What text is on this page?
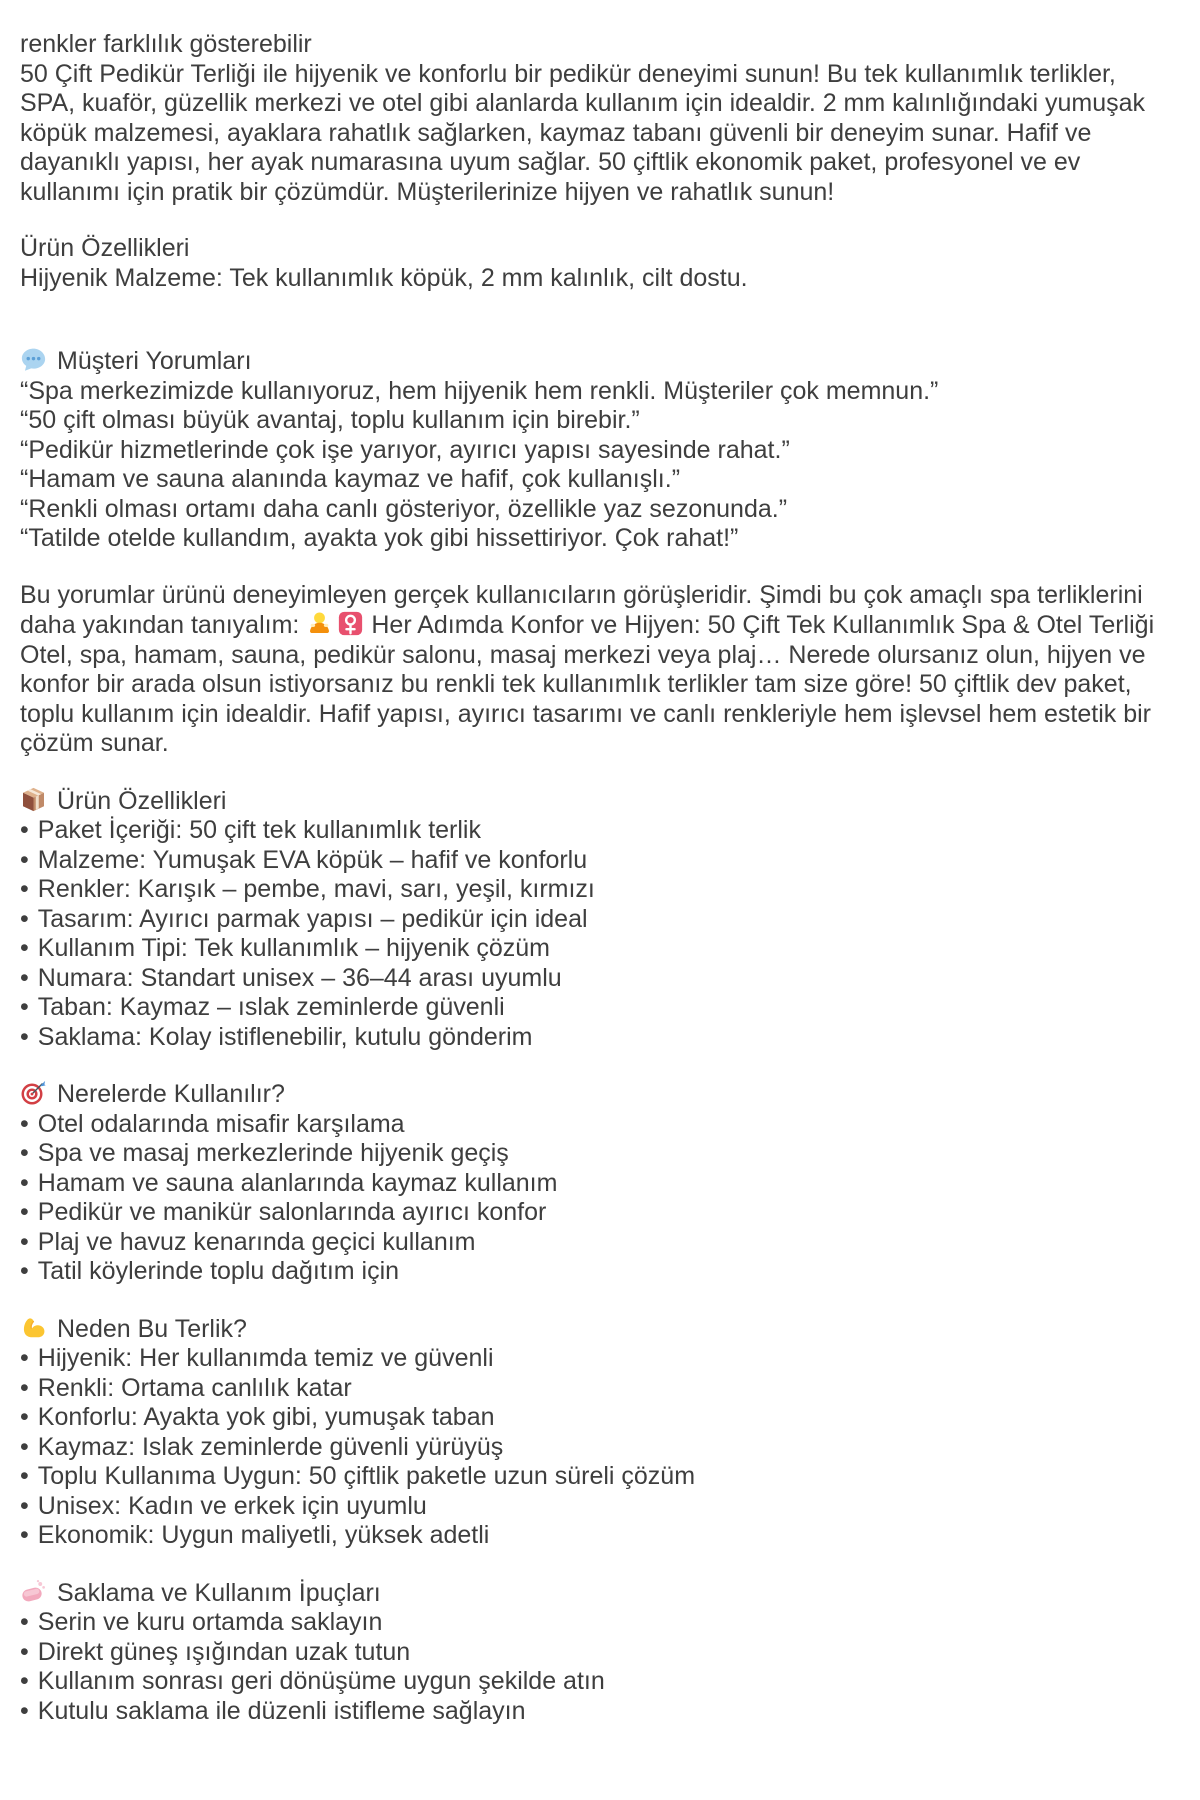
renkler farklılık gösterebilir

50 Çift Pedikür Terliği ile hijyenik ve konforlu bir pedikür deneyimi sunun! Bu tek kullanımlık terlikler, SPA, kuaför, güzellik merkezi ve otel gibi alanlarda kullanım için idealdir. 2 mm kalınlığındaki yumuşak köpük malzemesi, ayaklara rahatlık sağlarken, kaymaz tabanı güvenli bir deneyim sunar. Hafif ve dayanıklı yapısı, her ayak numarasına uyum sağlar. 50 çiftlik ekonomik paket, profesyonel ve ev kullanımı için pratik bir çözümdür. Müşterilerinize hijyen ve rahatlık sunun!

Ürün Özellikleri

Hijyenik Malzeme: Tek kullanımlık köpük, 2 mm kalınlık, cilt dostu.

Müşteri Yorumları

“Spa merkezimizde kullanıyoruz, hem hijyenik hem renkli. Müşteriler çok memnun.”

“50 çift olması büyük avantaj, toplu kullanım için birebir.”

“Pedikür hizmetlerinde çok işe yarıyor, ayırıcı yapısı sayesinde rahat.”

“Hamam ve sauna alanında kaymaz ve hafif, çok kullanışlı.”

“Renkli olması ortamı daha canlı gösteriyor, özellikle yaz sezonunda.”

“Tatilde otelde kullandım, ayakta yok gibi hissettiriyor. Çok rahat!”

Bu yorumlar ürünü deneyimleyen gerçek kullanıcıların görüşleridir. Şimdi bu çok amaçlı spa terliklerini daha yakından tanıyalım:	Her Adımda Konfor ve Hijyen: 50 Çift Tek Kullanımlık Spa & Otel Terliği

Otel, spa, hamam, sauna, pedikür salonu, masaj merkezi veya plaj… Nerede olursanız olun, hijyen ve konfor bir arada olsun istiyorsanız bu renkli tek kullanımlık terlikler tam size göre! 50 çiftlik dev paket, toplu kullanım için idealdir. Hafif yapısı, ayırıcı tasarımı ve canlı renkleriyle hem işlevsel hem estetik bir çözüm sunar.

Ürün Özellikleri

• Paket İçeriği: 50 çift tek kullanımlık terlik

• Malzeme: Yumuşak EVA köpük – hafif ve konforlu

• Renkler: Karışık – pembe, mavi, sarı, yeşil, kırmızı

• Tasarım: Ayırıcı parmak yapısı – pedikür için ideal

• Kullanım Tipi: Tek kullanımlık – hijyenik çözüm

• Numara: Standart unisex – 36–44 arası uyumlu

• Taban: Kaymaz – ıslak zeminlerde güvenli

• Saklama: Kolay istiflenebilir, kutulu gönderim

Nerelerde Kullanılır?

• Otel odalarında misafir karşılama

• Spa ve masaj merkezlerinde hijyenik geçiş

• Hamam ve sauna alanlarında kaymaz kullanım

• Pedikür ve manikür salonlarında ayırıcı konfor

• Plaj ve havuz kenarında geçici kullanım

• Tatil köylerinde toplu dağıtım için

Neden Bu Terlik?

• Hijyenik: Her kullanımda temiz ve güvenli

• Renkli: Ortama canlılık katar

• Konforlu: Ayakta yok gibi, yumuşak taban

• Kaymaz: Islak zeminlerde güvenli yürüyüş

• Toplu Kullanıma Uygun: 50 çiftlik paketle uzun süreli çözüm

• Unisex: Kadın ve erkek için uyumlu

• Ekonomik: Uygun maliyetli, yüksek adetli

Saklama ve Kullanım İpuçları

• Serin ve kuru ortamda saklayın

• Direkt güneş ışığından uzak tutun

• Kullanım sonrası geri dönüşüme uygun şekilde atın

• Kutulu saklama ile düzenli istifleme sağlayın
